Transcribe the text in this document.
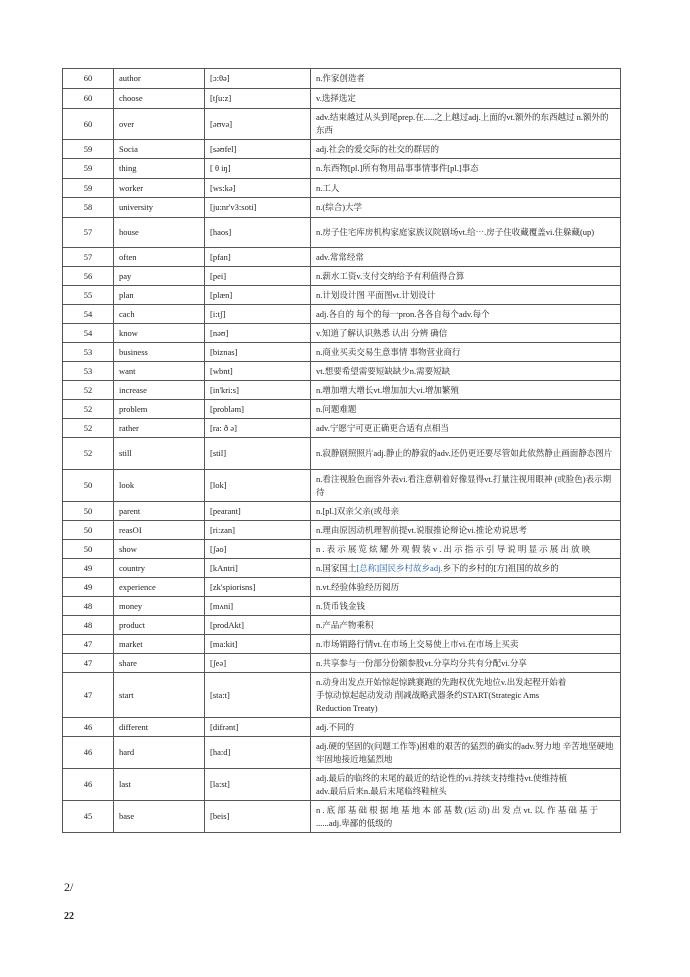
60	author	[ɔ:θə]	n.作家创造者
60	choose	[tʃu:z]	v.选择选定
60	over	[əʊvə]	adv.结束越过从头到尾prep.在.....之上越过adj.上面的vt.额外的东西越过 n.额外的东西
59	Socia	[səʊfel]	adj.社会的爱交际的社交的群居的
59	thing	[ θ iŋ]	n.东西物[pl.]所有物用品事事情事件[pl.]事态
59	worker	[ws:kə]	n.工人
58	university	[ju:nr'v3:soti]	n.(综合)大学
57	house	[haos]	n.房子住宅库房机构家庭家族议院剧场vt.给⋯.房子住收藏覆盖vi.住躲藏(up)
57	often	[pfan]	adv.常常经常
56	pay	[pei]	n.薪水工资v.支付交纳给予有利值得合算
55	plan	[plæn]	n.计划设计图 平面图vt.计划设计
54	cach	[i:tʃ]	adj.各自的 每个的每一pron.各各自每个adv.每个
54	know	[nəʊ]	v.知道了解认识熟悉 认出 分辨 确信
53	business	[biznas]	n.商业买卖交易生意事情 事物营业商行
53	want	[wbnt]	vt.想要希望需要短缺缺少n.需要短缺
52	increase	[in'kri:s]	n.增加增大增长vt.增加加大vi.增加繁殖
52	problem	[probləm]	n.问题难题
52	rather	[ra: ð ə]	adv.宁愿宁可更正确更合适有点相当
52	still	[stil]	n.寂静剧照照片adj.静止的静寂的adv.还仍更还要尽管如此依然静止画面静态图片
50	look	[lok]	n.看注视脸色面容外表vi.看注意朝着好像显得vt.打量注视用眼神 (或脸色)表示期待
50	parent	[pearant]	n.[pl.]双亲父亲(或母亲
50	reasOI	[ri:zan]	n.理由原因动机理智前提vt.说服推论辩论vi.推论劝说思考
50	show	[ʃəo]	n . 表 示 展 览 炫 耀 外 观 假 装 v . 出 示 指 示 引 导 说 明 显 示 展 出 放 映
49	country	[kAntri]	n.国家国土[总称]国民乡村故乡adj.乡下的乡村的[方]祖国的故乡的
49	experience	[zk'spiorisns]	n.vt.经验体验经历阅历
48	money	[mʌni]	n.货币钱金钱
48	product	[prodAkt]	n.产品产物乘积
47	market	[ma:kit]	n.市场销路行情vt.在市场上交易使上市vi.在市场上买卖
47	share	[ʃeə]	n.共享参与一份部分份额参股vt.分享均分共有分配vi.分享
47	start	[sta:t]	n.动身出发点开始惊起惊跳赛跑的先跑权优先地位v.出发起程开始着
手惊动惊起起动发动 削减战略武器条约START(Strategic Ams
Reduction Treaty)

46	different	[difrənt]	adj.不同的
46	hard	[ha:d]	adj.硬的坚固的(问题工作等)困难的艰苦的猛烈的确实的adv.努力地 辛苦地坚硬地牢固地接近地猛烈地
46	last	[la:st]	adj.最后的临终的末尾的最近的结论性的vi.持续支持维持vt.使维持植
adv.最后后来n.最后末尾临终鞋楦头

45	base	[beis]	n . 底 部 基 础 根 据 地 基 地 本 部 基 数 (运 动) 出 发 点 vt. 以. 作 基 础 基 于 ......adj.卑鄙的低级的
2/
22
